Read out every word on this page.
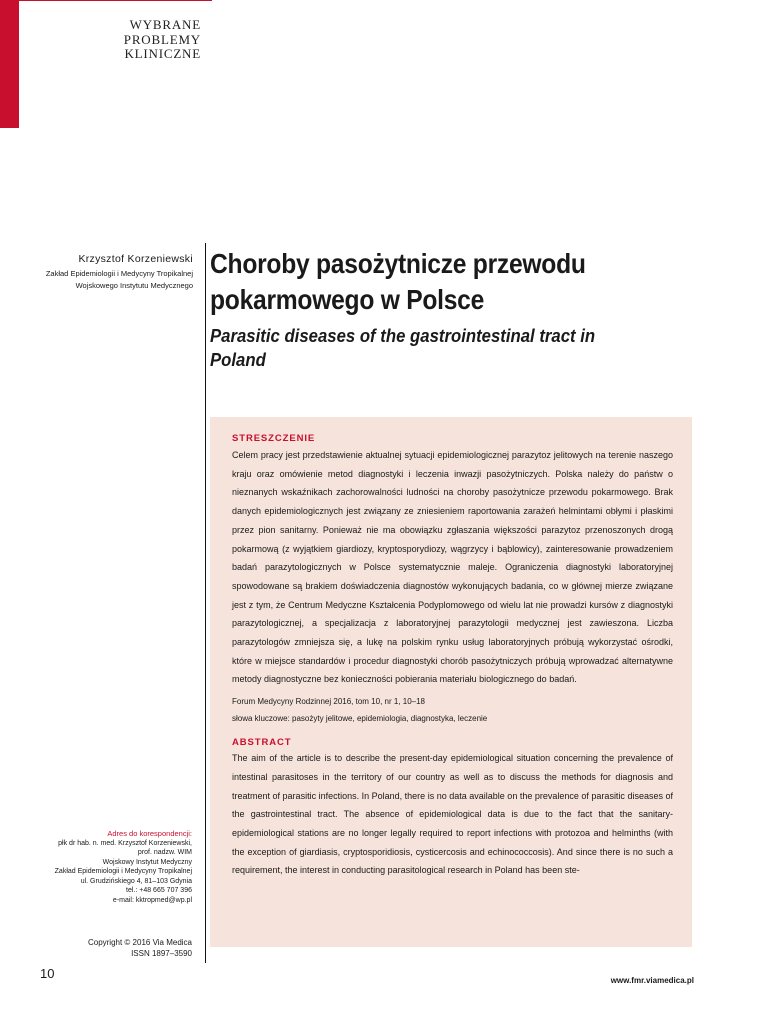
WYBRANE
PROBLEMY
KLINICZNE
Krzysztof Korzeniewski
Zakład Epidemiologii i Medycyny Tropikalnej
Wojskowego Instytutu Medycznego
Choroby pasożytnicze przewodu pokarmowego w Polsce
Parasitic diseases of the gastrointestinal tract in Poland
STRESZCZENIE
Celem pracy jest przedstawienie aktualnej sytuacji epidemiologicznej parazytoz jelitowych na terenie naszego kraju oraz omówienie metod diagnostyki i leczenia inwazji pasożytniczych. Polska należy do państw o nieznanych wskaźnikach zachorowalności ludności na choroby pasożytnicze przewodu pokarmowego. Brak danych epidemiologicznych jest związany ze zniesieniem raportowania zarażeń helmintami obłymi i płaskimi przez pion sanitarny. Ponieważ nie ma obowiązku zgłaszania większości parazytoz przenoszonych drogą pokarmową (z wyjątkiem giardiozy, kryptosporydiozy, wągrzycy i bąblowicy), zainteresowanie prowadzeniem badań parazytologicznych w Polsce systematycznie maleje. Ograniczenia diagnostyki laboratoryjnej spowodowane są brakiem doświadczenia diagnostów wykonujących badania, co w głównej mierze związane jest z tym, że Centrum Medyczne Kształcenia Podyplomowego od wielu lat nie prowadzi kursów z diagnostyki parazytologicznej, a specjalizacja z laboratoryjnej parazytologii medycznej jest zawieszona. Liczba parazytologów zmniejsza się, a lukę na polskim rynku usług laboratoryjnych próbują wykorzystać ośrodki, które w miejsce standardów i procedur diagnostyki chorób pasożytniczych próbują wprowadzać alternatywne metody diagnostyczne bez konieczności pobierania materiału biologicznego do badań.
Forum Medycyny Rodzinnej 2016, tom 10, nr 1, 10–18
słowa kluczowe: pasożyty jelitowe, epidemiologia, diagnostyka, leczenie
ABSTRACT
The aim of the article is to describe the present-day epidemiological situation concerning the prevalence of intestinal parasitoses in the territory of our country as well as to discuss the methods for diagnosis and treatment of parasitic infections. In Poland, there is no data available on the prevalence of parasitic diseases of the gastrointestinal tract. The absence of epidemiological data is due to the fact that the sanitary-epidemiological stations are no longer legally required to report infections with protozoa and helminths (with the exception of giardiasis, cryptosporidiosis, cysticercosis and echinococcosis). And since there is no such a requirement, the interest in conducting parasitological research in Poland has been ste-
Adres do korespondencji:
płk dr hab. n. med. Krzysztof Korzeniewski,
prof. nadzw. WIM
Wojskowy Instytut Medyczny
Zakład Epidemiologii i Medycyny Tropikalnej
ul. Grudzińskiego 4, 81–103 Gdynia
tel.: +48 665 707 396
e-mail: kktropmed@wp.pl
Copyright © 2016 Via Medica
ISSN 1897–3590
10	www.fmr.viamedica.pl
